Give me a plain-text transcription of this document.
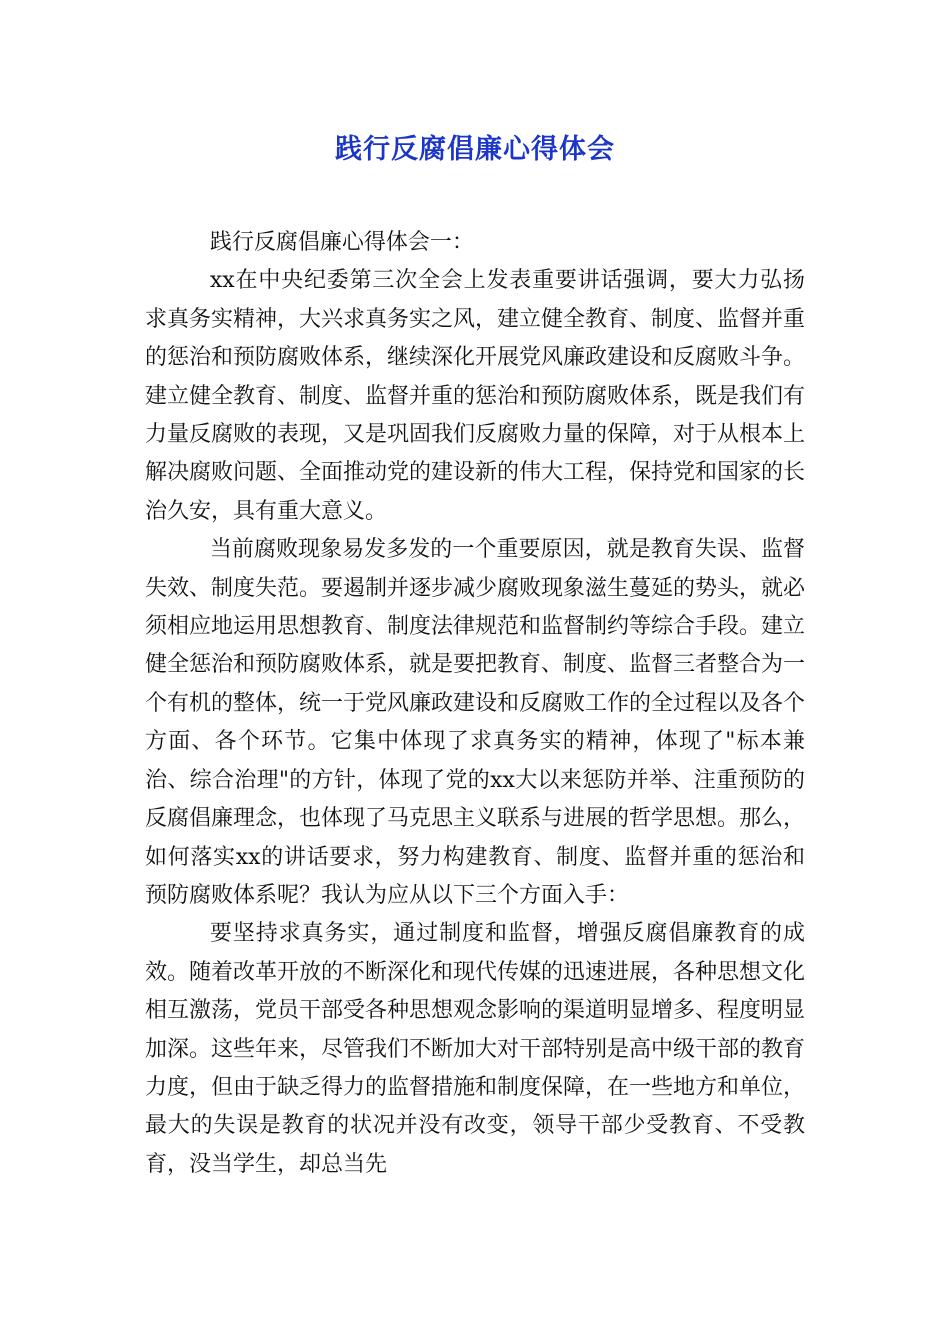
践行反腐倡廉心得体会

践行反腐倡廉心得体会一：

xx在中央纪委第三次全会上发表重要讲话强调，要大力弘扬求真务实精神，大兴求真务实之风，建立健全教育、制度、监督并重的惩治和预防腐败体系，继续深化开展党风廉政建设和反腐败斗争。建立健全教育、制度、监督并重的惩治和预防腐败体系，既是我们有力量反腐败的表现，又是巩固我们反腐败力量的保障，对于从根本上解决腐败问题、全面推动党的建设新的伟大工程，保持党和国家的长治久安，具有重大意义。

当前腐败现象易发多发的一个重要原因，就是教育失误、监督失效、制度失范。要遏制并逐步减少腐败现象滋生蔓延的势头，就必须相应地运用思想教育、制度法律规范和监督制约等综合手段。建立健全惩治和预防腐败体系，就是要把教育、制度、监督三者整合为一个有机的整体，统一于党风廉政建设和反腐败工作的全过程以及各个方面、各个环节。它集中体现了求真务实的精神，体现了"标本兼治、综合治理"的方针，体现了党的xx大以来惩防并举、注重预防的反腐倡廉理念，也体现了马克思主义联系与进展的哲学思想。那么，如何落实xx的讲话要求，努力构建教育、制度、监督并重的惩治和预防腐败体系呢？我认为应从以下三个方面入手：

要坚持求真务实，通过制度和监督，增强反腐倡廉教育的成效。随着改革开放的不断深化和现代传媒的迅速进展，各种思想文化相互激荡，党员干部受各种思想观念影响的渠道明显增多、程度明显加深。这些年来，尽管我们不断加大对干部特别是高中级干部的教育力度，但由于缺乏得力的监督措施和制度保障，在一些地方和单位，最大的失误是教育的状况并没有改变，领导干部少受教育、不受教育，没当学生，却总当先
